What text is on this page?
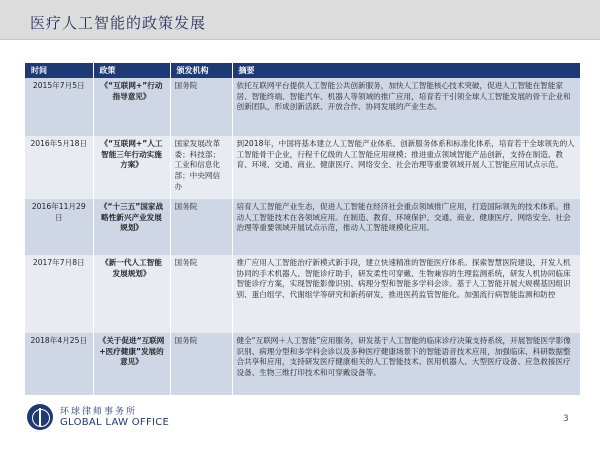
医疗人工智能的政策发展
时间	政策	颁发机构	摘要
2015年7月5日	《“互联网+”行动指导意见》	国务院	依托互联网平台提供人工智能公共创新服务，加快人工智能核心技术突破，促进人工智能在智能家居、智能终端、智能汽车、机器人等领域的推广应用，培育若干引领全球人工智能发展的骨干企业和创新团队，形成创新活跃、开放合作、协同发展的产业生态。
2016年5月18日	《“互联网+”人工智能三年行动实施方案》	国家发展改革委；科技部；工业和信息化部；中央网信办	到2018年，中国将基本建立人工智能产业体系、创新服务体系和标准化体系，培育若干全球领先的人工智能骨干企业，行程千亿级的人工智能应用规模；推进重点领域智能产品创新，支持在制造、教育、环境、交通、商业、健康医疗、网络安全、社会治理等重要领域开展人工智能应用试点示范。
2016年11月29日	《“十三五”国家战略性新兴产业发展规划》	国务院	培育人工智能产业生态，促进人工智能在经济社会重点领域推广应用，打造国际领先的技术体系。推动人工智能技术在各领域应用。在制造、教育、环境保护、交通、商业、健康医疗、网络安全、社会治理等重要领域开展试点示范，推动人工智能规模化应用。
2017年7月8日	《新一代人工智能发展规划》	国务院	推广应用人工智能治疗新模式新手段，建立快速精准的智能医疗体系。探索智慧医院建设，开发人机协同的手术机器人、智能诊疗助手，研发柔性可穿戴、生物兼容的生理监测系统，研发人机协同临床智能诊疗方案，实现智能影像识别、病理分型和智能多学科会诊。基于人工智能开展大规模基因组识别、蛋白组学、代谢组学等研究和新药研发，推进医药监管智能化。加强流行病智能监测和防控
2018年4月25日	《关于促进“互联网+医疗健康”发展的意见》	国务院	健全“互联网＋人工智能”应用服务，研发基于人工智能的临床诊疗决策支持系统，开展智能医学影像识别、病理分型和多学科会诊以及多种医疗健康场景下的智能语音技术应用，加强临床、科研数据整合共享和应用，支持研发医疗健康相关的人工智能技术、医用机器人、大型医疗设备、应急救援医疗设备、生物三维打印技术和可穿戴设备等。
环球律师事务所
GLOBAL LAW OFFICE	3
